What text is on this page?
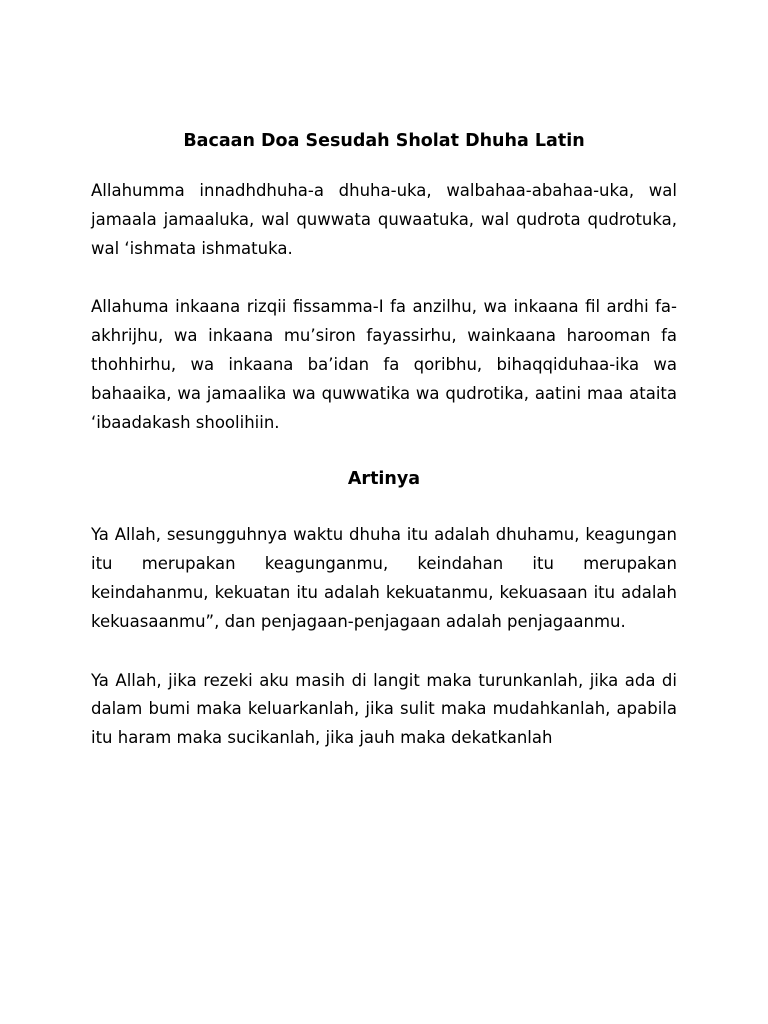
Bacaan Doa Sesudah Sholat Dhuha Latin

Allahumma innadhdhuha-a dhuha-uka, walbahaa-abahaa-uka, wal jamaala jamaaluka, wal quwwata quwaatuka, wal qudrota qudrotuka, wal ‘ishmata ishmatuka.

Allahuma inkaana rizqii fissamma-I fa anzilhu, wa inkaana fil ardhi fa-akhrijhu, wa inkaana mu’siron fayassirhu, wainkaana harooman fa thohhirhu, wa inkaana ba’idan fa qoribhu, bihaqqiduhaa-ika wa bahaaika, wa jamaalika wa quwwatika wa qudrotika, aatini maa ataita ‘ibaadakash shoolihiin.

Artinya

Ya Allah, sesungguhnya waktu dhuha itu adalah dhuhamu, keagungan itu merupakan keagunganmu, keindahan itu merupakan keindahanmu, kekuatan itu adalah kekuatanmu, kekuasaan itu adalah kekuasaanmu”, dan penjagaan-penjagaan adalah penjagaanmu.

Ya Allah, jika rezeki aku masih di langit maka turunkanlah, jika ada di dalam bumi maka keluarkanlah, jika sulit maka mudahkanlah, apabila itu haram maka sucikanlah, jika jauh maka dekatkanlah
